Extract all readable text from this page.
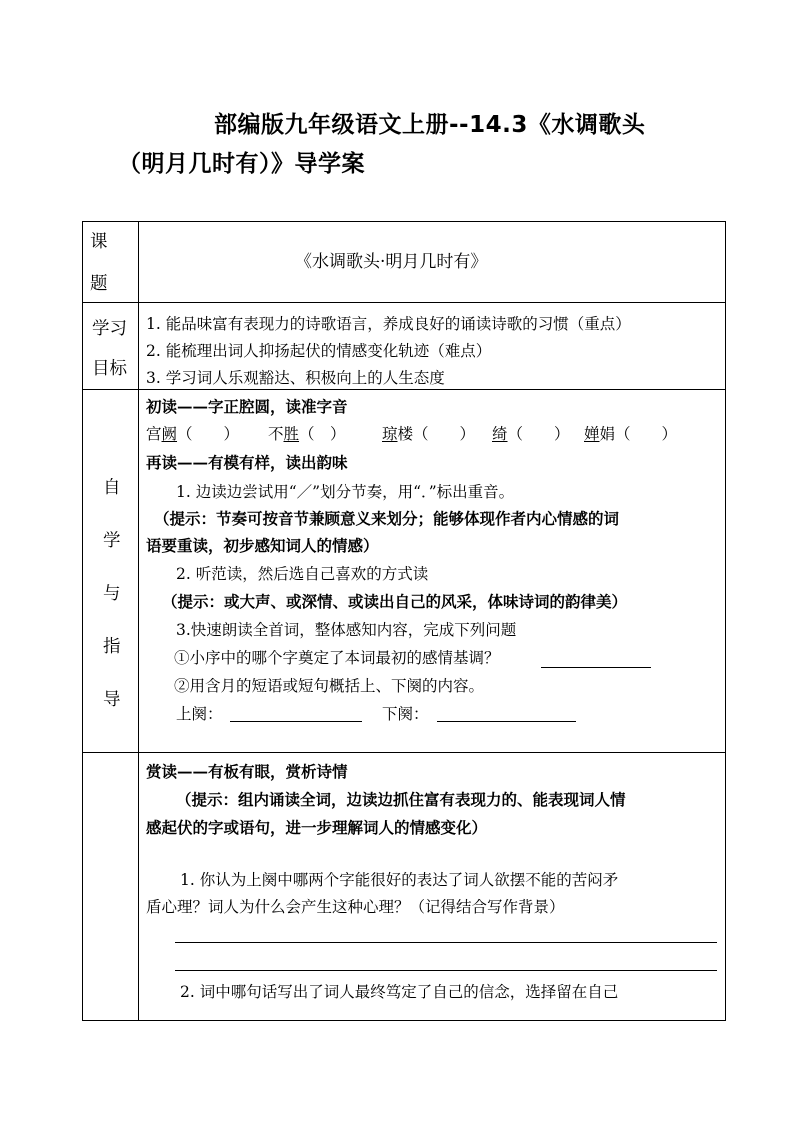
部编版九年级语文上册--14.3《水调歌头
（明月几时有）》导学案
课
题
《水调歌头·明月几时有》
学习
目标
1. 能品味富有表现力的诗歌语言，养成良好的诵读诗歌的习惯（重点）
2. 能梳理出词人抑扬起伏的情感变化轨迹（难点）
3. 学习词人乐观豁达、积极向上的人生态度
自
学
与
指
导
初读——字正腔圆，读准字音
宫阙（　　） 不胜（　） 琼楼（　　） 绮（　　） 婵娟（　　）
再读——有模有样，读出韵味
1. 边读边尝试用“／”划分节奏，用“．”标出重音。
（提示：节奏可按音节兼顾意义来划分；能够体现作者内心情感的词
语要重读，初步感知词人的情感）
2. 听范读，然后选自己喜欢的方式读
（提示：或大声、或深情、或读出自己的风采，体味诗词的韵律美）
3.快速朗读全首词，整体感知内容，完成下列问题
①小序中的哪个字奠定了本词最初的感情基调？
②用含月的短语或短句概括上、下阕的内容。
上阕：	下阕：
赏读——有板有眼，赏析诗情
（提示：组内诵读全词，边读边抓住富有表现力的、能表现词人情
感起伏的字或语句，进一步理解词人的情感变化）
1. 你认为上阕中哪两个字能很好的表达了词人欲摆不能的苦闷矛
盾心理？词人为什么会产生这种心理？（记得结合写作背景）
2. 词中哪句话写出了词人最终笃定了自己的信念，选择留在自己
